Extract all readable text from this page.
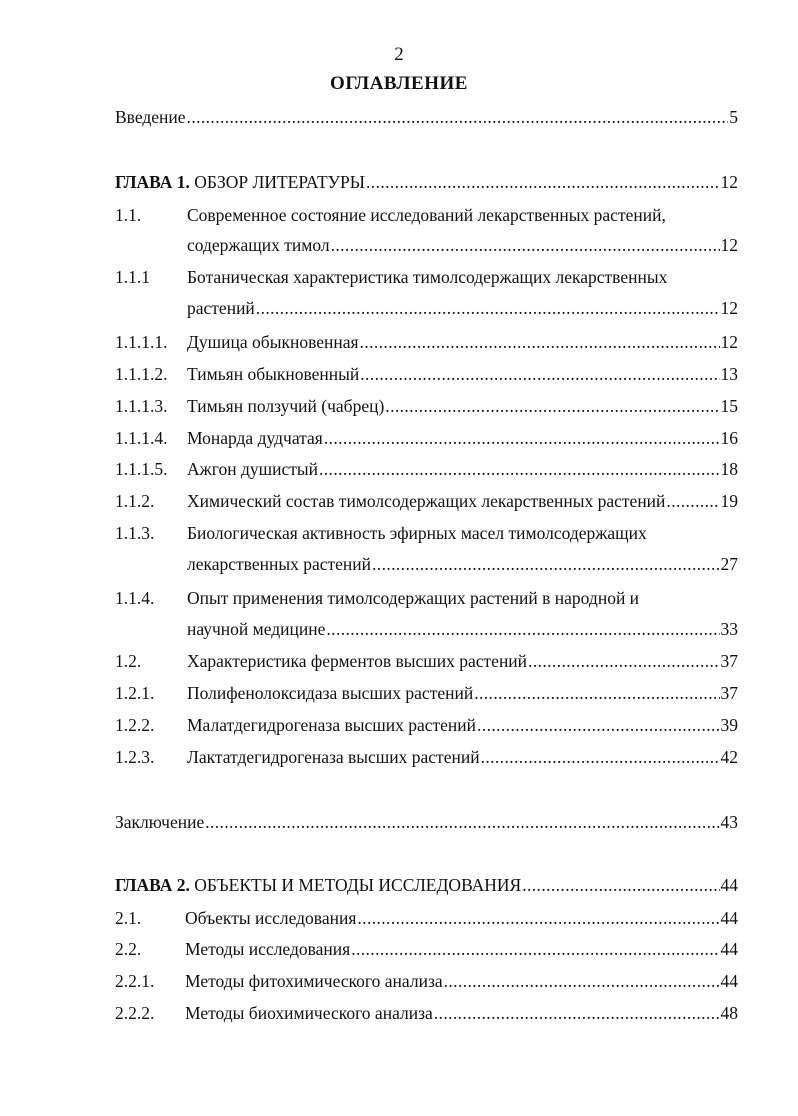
2
ОГЛАВЛЕНИЕ
Введение .....	5
ГЛАВА 1. ОБЗОР ЛИТЕРАТУРЫ .....	12
1.1.	Современное состояние исследований лекарственных растений,
содержащих тимол .....	12
1.1.1 Ботаническая характеристика тимолсодержащих лекарственных
растений .....	12
1.1.1.1. Душица обыкновенная .....	12
1.1.1.2. Тимьян обыкновенный .....	13
1.1.1.3. Тимьян ползучий (чабрец) .....	15
1.1.1.4. Монарда дудчатая .....	16
1.1.1.5. Ажгон душистый .....	18
1.1.2. Химический состав тимолсодержащих лекарственных растений .....	19
1.1.3. Биологическая активность эфирных масел тимолсодержащих
лекарственных растений .....	27
1.1.4. Опыт применения тимолсодержащих растений в народной и
научной медицине .....	33
1.2.	Характеристика ферментов высших растений .....	37
1.2.1. Полифенолоксидаза высших растений .....	37
1.2.2. Малатдегидрогеназа высших растений .....	39
1.2.3. Лактатдегидрогеназа высших растений .....	42
Заключение .....	43
ГЛАВА 2. ОБЪЕКТЫ И МЕТОДЫ ИССЛЕДОВАНИЯ .....	44
2.1.	Объекты исследования .....	44
2.2.	Методы исследования .....	44
2.2.1. Методы фитохимического анализа .....	44
2.2.2. Методы биохимического анализа .....	48
